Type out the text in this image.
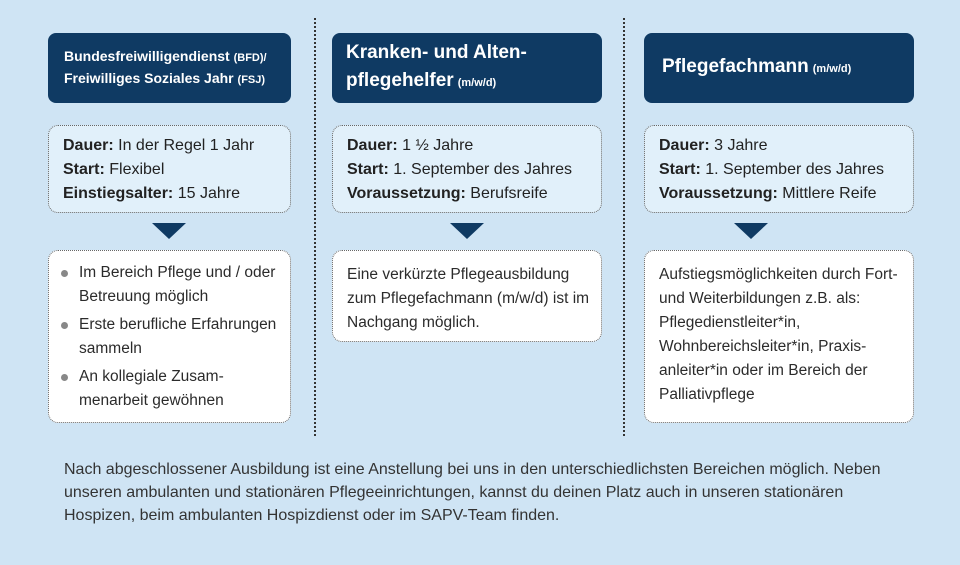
Bundesfreiwilligendienst (BFD)/
Freiwilliges Soziales Jahr (FSJ)
Dauer: In der Regel 1 Jahr
Start: Flexibel
Einstiegsalter: 15 Jahre
Im Bereich Pflege und / oder Betreuung möglich
Erste berufliche Erfahrungen sammeln
An kollegiale Zusam-menarbeit gewöhnen
Kranken- und Alten-
pflegehelfer (m/w/d)
Dauer: 1 ½ Jahre
Start: 1. September des Jahres
Voraussetzung: Berufsreife
Eine verkürzte Pflegeausbildung zum Pflegefachmann (m/w/d) ist im Nachgang möglich.
Pflegefachmann (m/w/d)
Dauer: 3 Jahre
Start: 1. September des Jahres
Voraussetzung: Mittlere Reife
Aufstiegsmöglichkeiten durch Fort- und Weiterbildungen z.B. als: Pflegedienstleiter*in, Wohnbereichsleiter*in, Praxis-anleiter*in oder im Bereich der Palliativpflege
Nach abgeschlossener Ausbildung ist eine Anstellung bei uns in den unterschiedlichsten Bereichen möglich. Neben unseren ambulanten und stationären Pflegeeinrichtungen, kannst du deinen Platz auch in unseren stationären Hospizen, beim ambulanten Hospizdienst oder im SAPV-Team finden.
